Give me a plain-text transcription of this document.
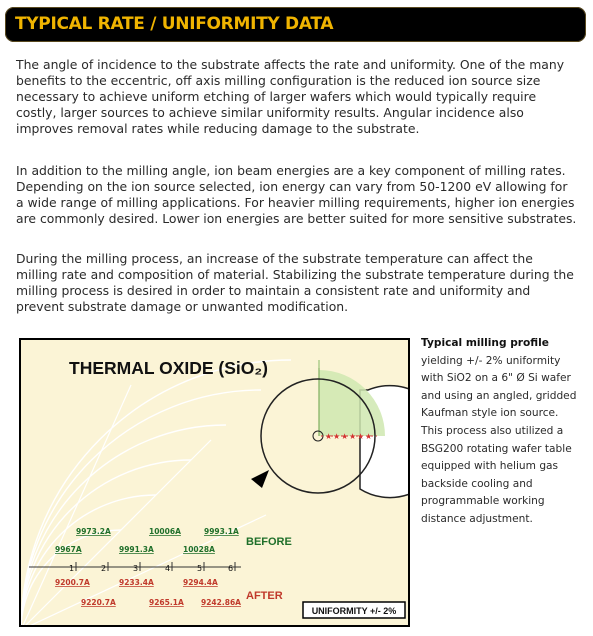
TYPICAL RATE / UNIFORMITY DATA

The angle of incidence to the substrate affects the rate and uniformity. One of the many benefits to the eccentric, off axis milling configuration is the reduced ion source size necessary to achieve uniform etching of larger wafers which would typically require costly, larger sources to achieve similar uniformity results. Angular incidence also improves removal rates while reducing damage to the substrate.

In addition to the milling angle, ion beam energies are a key component of milling rates. Depending on the ion source selected, ion energy can vary from 50-1200 eV allowing for a wide range of milling applications. For heavier milling requirements, higher ion energies are commonly desired. Lower ion energies are better suited for more sensitive substrates.

During the milling process, an increase of the substrate temperature can affect the milling rate and composition of material. Stabilizing the substrate temperature during the milling process is desired in order to maintain a consistent rate and uniformity and prevent substrate damage or unwanted modification.

THERMAL OXIDE (SiO₂)
★ ★ ★ ★ ★ ★
1	2	3	4	5	6
9967A
9973.2A
9991.3A
10006A
10028A
9993.1A
9200.7A
9220.7A
9233.4A
9265.1A
9294.4A
9242.86A
BEFORE
AFTER
UNIFORMITY +/- 2%
Typical milling profile yielding +/- 2% uniformity with SiO2 on a 6" Ø Si wafer and using an angled, gridded Kaufman style ion source. This process also utilized a BSG200 rotating wafer table equipped with helium gas backside cooling and programmable working distance adjustment.
